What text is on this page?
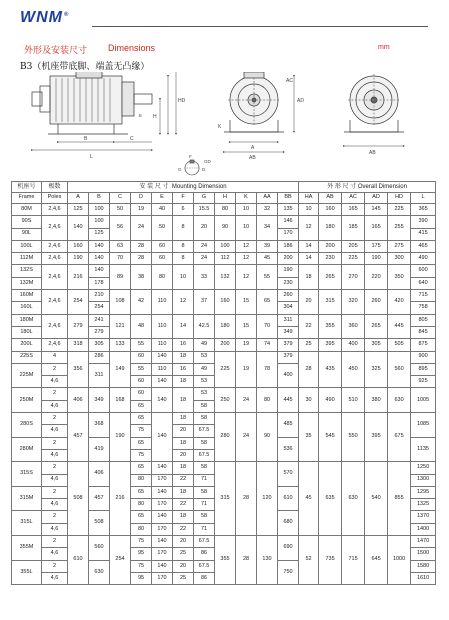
WNM®
外形及安装尺寸 Dimensions	mm
B3（机座带底脚、端盖无凸缘）
L
C
B
H
HD
A
AB
AD
K
AC
AB
D
F
G
E
GD
机座号	极数	安 装 尺 寸 Mounting Dimension											外 形 尺 寸 Overall Dimension					
Frame	Poles	A	B	C	D	E	F	G	H	K	AA	BB	HA	AB	AC	AD	HD	L
80M	2,4,6	125	100	50	19	40	6	15.5	80	10	32	135	10	160	165	145	225	365
90S	2,4,6	140	100	56	24	50	8	20	90	10	34	146	12	180	185	165	255	390
90L			125									170						415
100L	2,4,6	160	140	63	28	60	8	24	100	12	39	186	14	200	205	175	275	465
112M	2,4,6	190	140	70	28	60	8	24	112	12	45	200	14	230	225	190	300	490
132S	2,4,6	216	140	89	38	80	10	33	132	12	55	190	18	265	270	220	350	600
132M			178									230						640
160M	2,4,6	254	210	108	42	110	12	37	160	15	65	260	20	315	320	260	420	715
160L			254									304						758
180M	2,4,6	279	241	121	48	110	14	42.5	180	15	70	311	22	355	360	265	445	805
180L			279									349						845
200L	2,4,6	318	305	133	55	110	16	49	200	19	74	379	25	395	400	305	505	875
225S	4	356	286	149	60	140	18	53	225	19	78	379	28	435	450	325	560	900
225M	2		311		55	110	16	49				400						895
	4,6				60	140	18	53										925
250M	2	406	349	168	60	140	18	53	250	24	80	445	30	490	510	380	630	1005
	4,6				65			58										
280S	2	457	368	190	65	140	18	58	280	24	90	485	35	545	550	395	675	1085
	4,6				75		20	67.5										
280M	2		419		65		18	58				536						1135
	4,6				75		20	67.5										
315S	2	508	406	216	65	140	18	58	315	28	120	570	45	635	630	540	855	1250
	4,6				80	170	22	71										1300
315M	2		457		65	140	18	58				610						1295
	4,6				80	170	22	71										1325
315L	2		508		65	140	18	58				680						1370
	4,6				80	170	22	71										1400
355M	2	610	560	254	75	140	20	67.5	355	28	130	690	52	735	715	645	1000	1470
	4,6				95	170	25	86										1500
355L	2		630		75	140	20	67.5				750						1580
	4,6				95	170	25	86										1610
